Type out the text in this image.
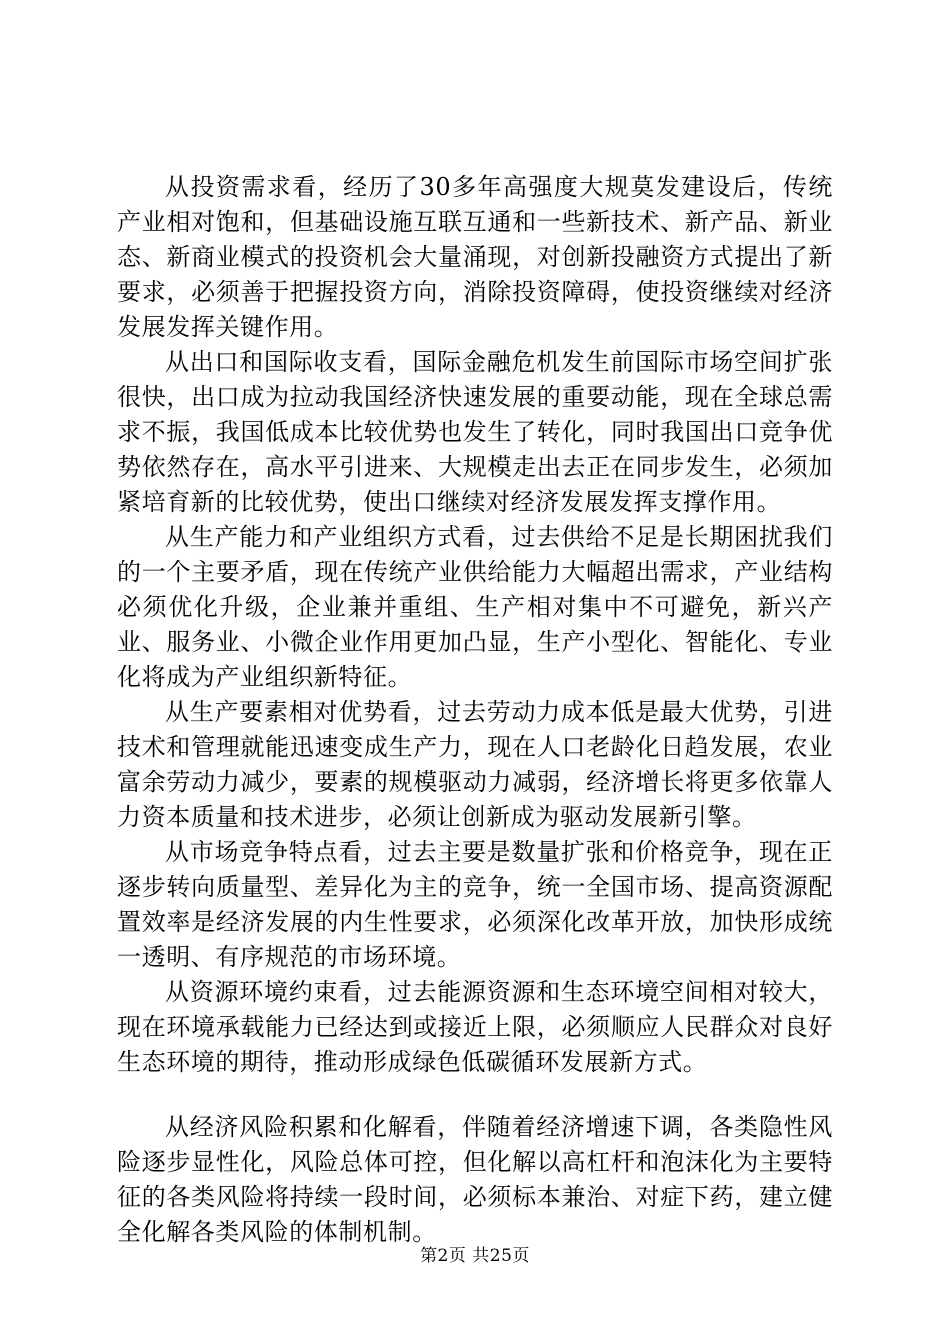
从投资需求看，经历了30多年高强度大规莫发建设后，传统产业相对饱和，但基础设施互联互通和一些新技术、新产品、新业态、新商业模式的投资机会大量涌现，对创新投融资方式提出了新要求，必须善于把握投资方向，消除投资障碍，使投资继续对经济发展发挥关键作用。

从出口和国际收支看，国际金融危机发生前国际市场空间扩张很快，出口成为拉动我国经济快速发展的重要动能，现在全球总需求不振，我国低成本比较优势也发生了转化，同时我国出口竞争优势依然存在，高水平引进来、大规模走出去正在同步发生，必须加紧培育新的比较优势，使出口继续对经济发展发挥支撑作用。

从生产能力和产业组织方式看，过去供给不足是长期困扰我们的一个主要矛盾，现在传统产业供给能力大幅超出需求，产业结构必须优化升级，企业兼并重组、生产相对集中不可避免，新兴产业、服务业、小微企业作用更加凸显，生产小型化、智能化、专业化将成为产业组织新特征。

从生产要素相对优势看，过去劳动力成本低是最大优势，引进技术和管理就能迅速变成生产力，现在人口老龄化日趋发展，农业富余劳动力减少，要素的规模驱动力减弱，经济增长将更多依靠人力资本质量和技术进步，必须让创新成为驱动发展新引擎。

从市场竞争特点看，过去主要是数量扩张和价格竞争，现在正逐步转向质量型、差异化为主的竞争，统一全国市场、提高资源配置效率是经济发展的内生性要求，必须深化改革开放，加快形成统一透明、有序规范的市场环境。

从资源环境约束看，过去能源资源和生态环境空间相对较大，现在环境承载能力已经达到或接近上限，必须顺应人民群众对良好生态环境的期待，推动形成绿色低碳循环发展新方式。

从经济风险积累和化解看，伴随着经济增速下调，各类隐性风险逐步显性化，风险总体可控，但化解以高杠杆和泡沫化为主要特征的各类风险将持续一段时间，必须标本兼治、对症下药，建立健全化解各类风险的体制机制。

第2页 共25页
